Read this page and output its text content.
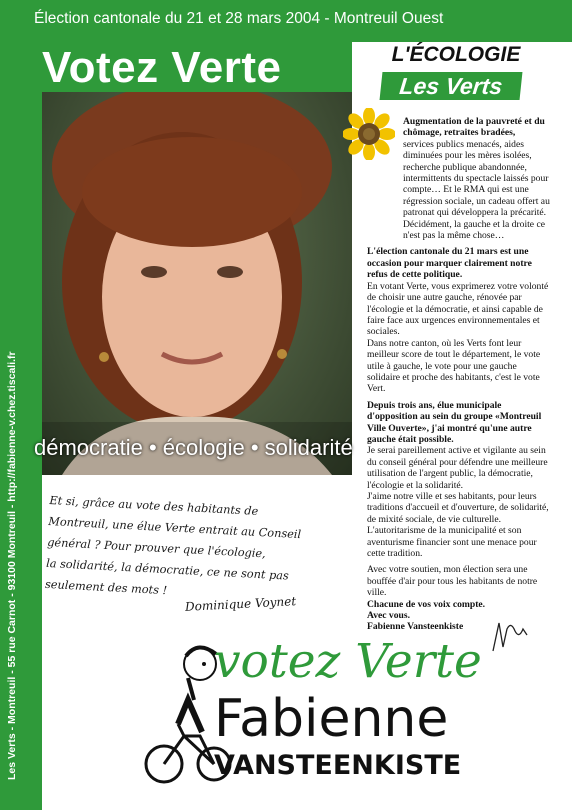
Élection cantonale du 21 et 28 mars 2004 - Montreuil Ouest
Les Verts - Montreuil - 55 rue Carnot - 93100 Montreuil - http://fabienne-v.chez.tiscali.fr
Votez Verte	L'ÉCOLOGIE
Les Verts
démocratie • écologie • solidarité

Augmentation de la pauvreté et du chômage, retraites bradées,
services publics menacés, aides diminuées pour les mères isolées, recherche publique abandonnée, intermittents du spectacle laissés pour compte… Et le RMA qui est une régression sociale, un cadeau offert au patronat qui développera la précarité. Décidément, la gauche et la droite ce n'est pas la même chose…

L'élection cantonale du 21 mars est une occasion pour marquer clairement notre refus de cette politique.

En votant Verte, vous exprimerez votre volonté de choisir une autre gauche, rénovée par l'écologie et la démocratie, et ainsi capable de faire face aux urgences environnementales et sociales.

Dans notre canton, où les Verts font leur meilleur score de tout le département, le vote utile à gauche, le vote pour une gauche solidaire et proche des habitants, c'est le vote Vert.

Depuis trois ans, élue municipale d'opposition au sein du groupe «Montreuil Ville Ouverte», j'ai montré qu'une autre gauche était possible.

Je serai pareillement active et vigilante au sein du conseil général pour défendre une meilleure utilisation de l'argent public, la démocratie, l'écologie et la solidarité.

J'aime notre ville et ses habitants, pour leurs traditions d'accueil et d'ouverture, de solidarité, de mixité sociale, de vie culturelle. L'autoritarisme de la municipalité et son aventurisme financier sont une menace pour cette tradition.

Avec votre soutien, mon élection sera une bouffée d'air pour tous les habitants de notre ville.

Chacune de vos voix compte.

Avec vous.

Fabienne Vansteenkiste

Et si, grâce au vote des habitants de
Montreuil, une élue Verte entrait au Conseil
général ? Pour prouver que l'écologie,
la solidarité, la démocratie, ce ne sont pas
seulement des mots !
Dominique Voynet
votez Verte
Fabienne
VANSTEENKISTE
